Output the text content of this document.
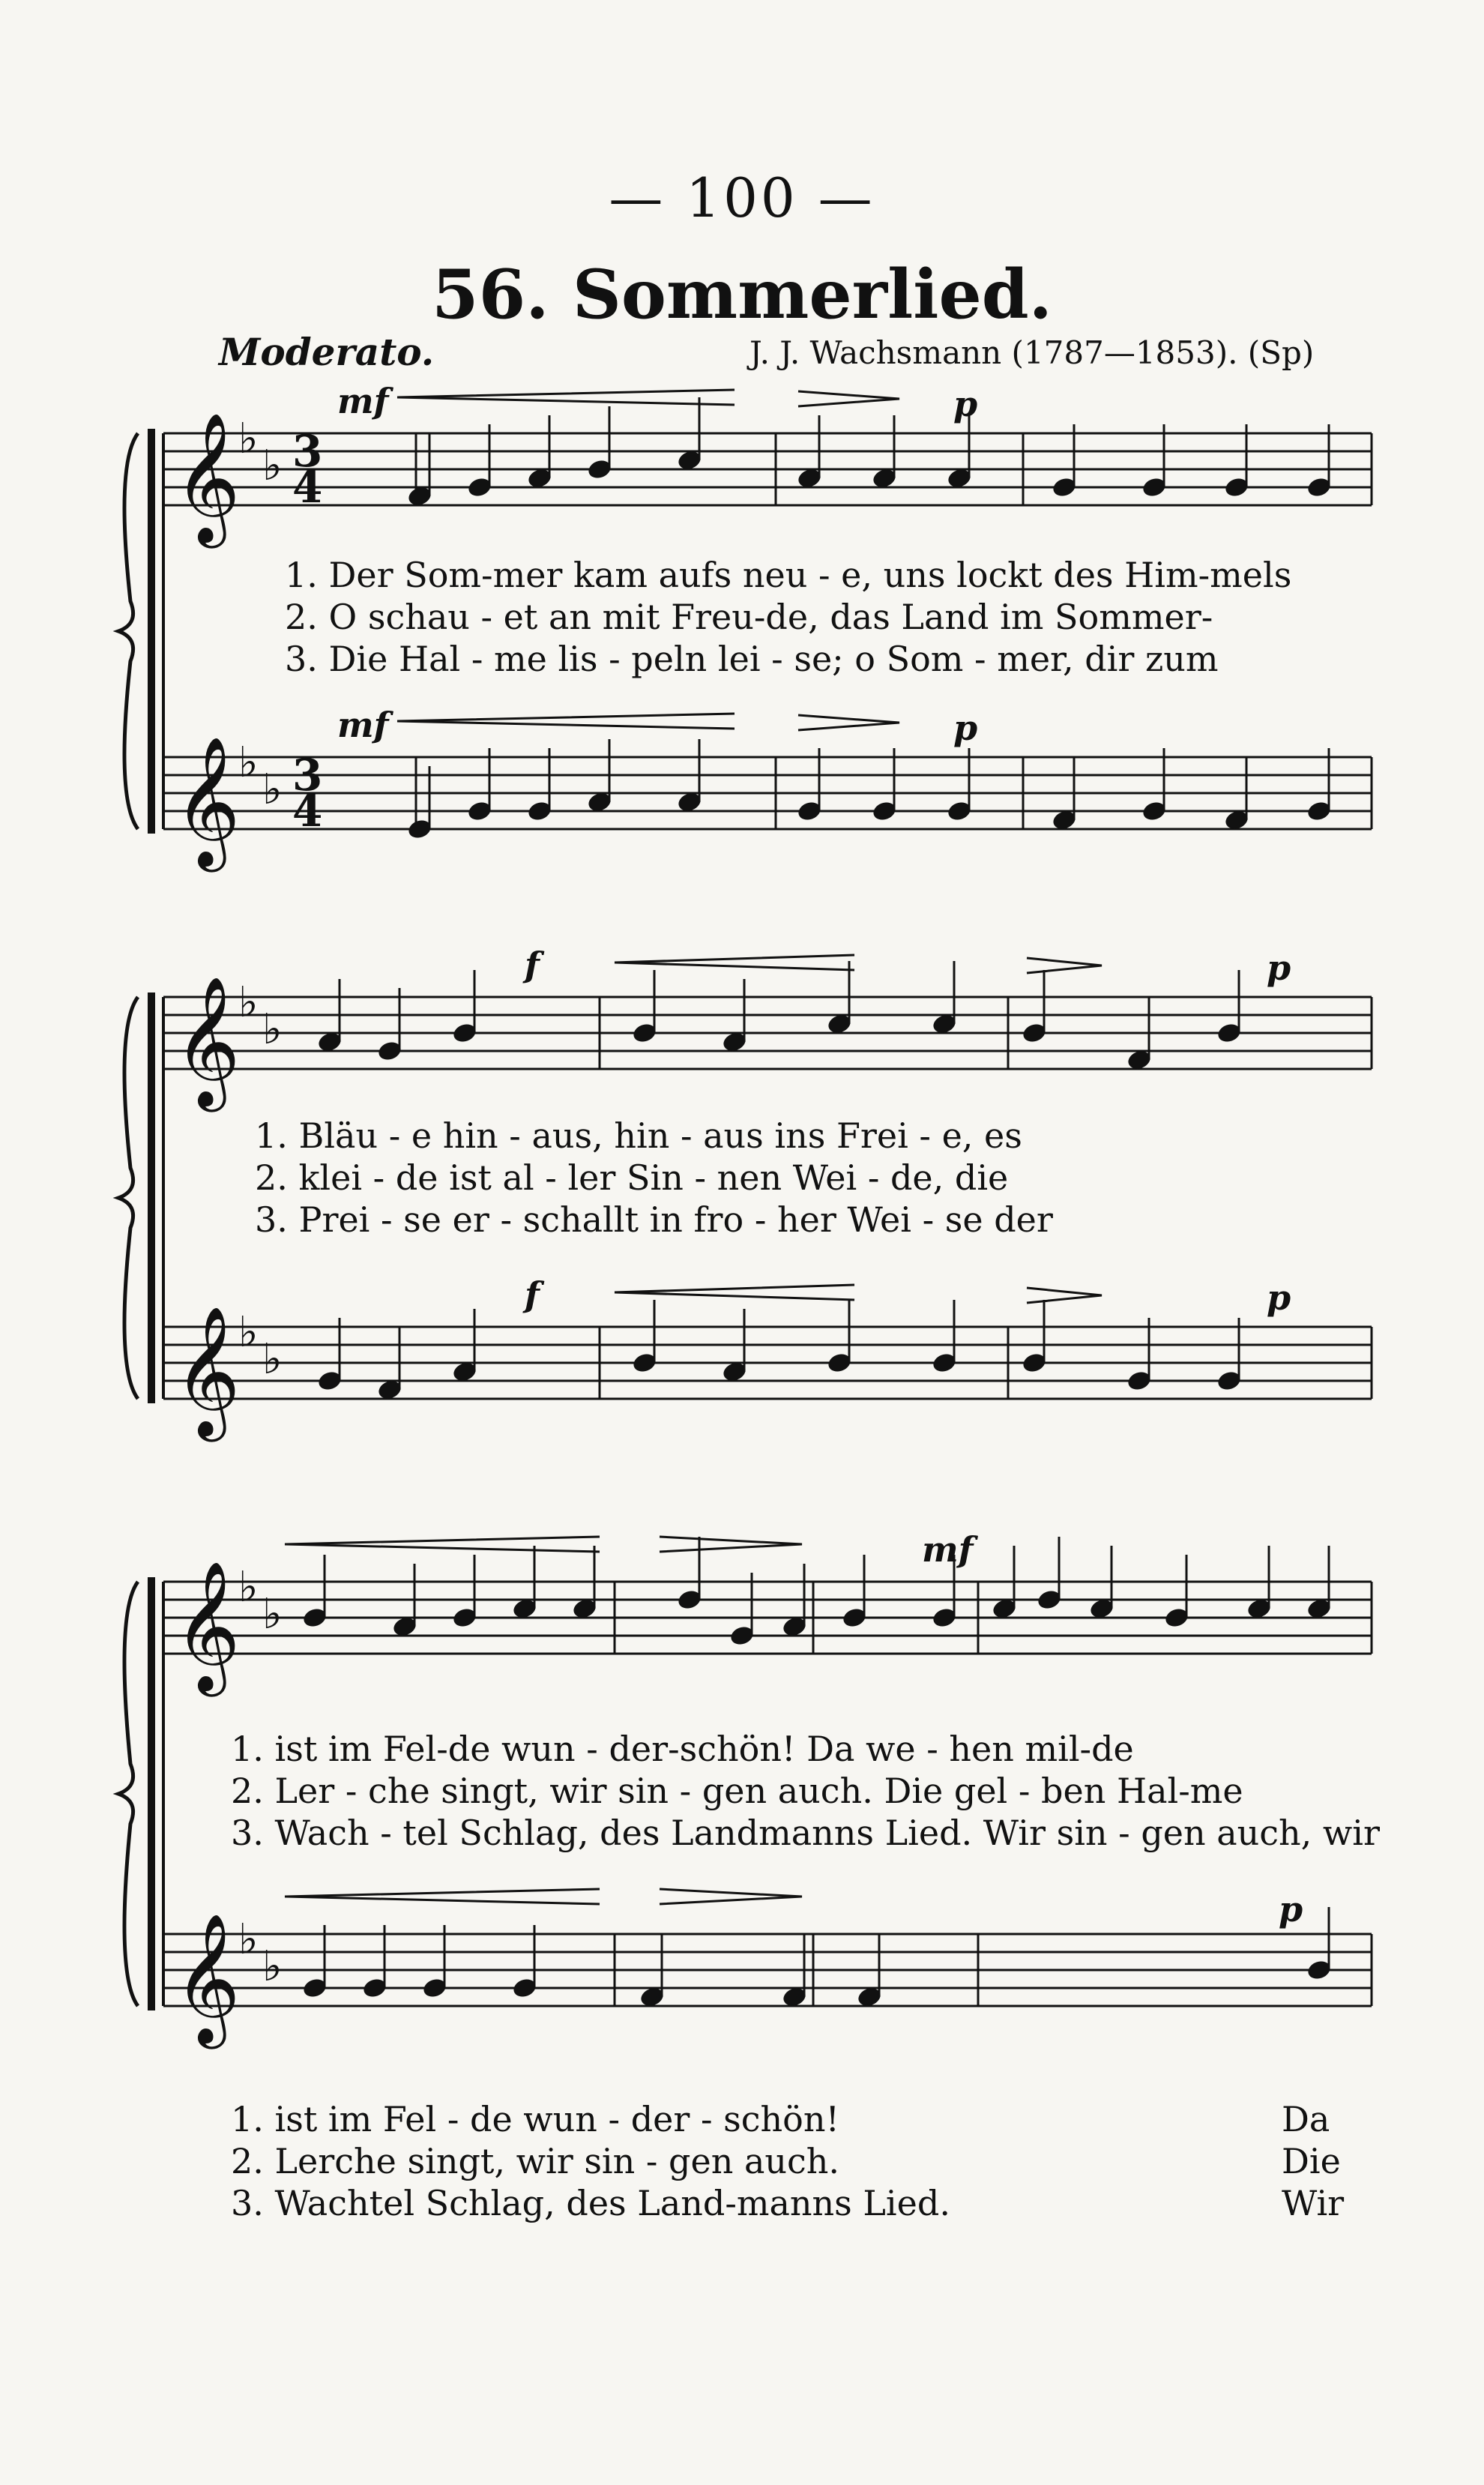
— 100 —
56. Sommerlied.
Moderato.	J. J. Wachsmann (1787—1853). (Sp)
𝄞
♭
♭
𝄞
♭
♭
𝄞
♭
♭
𝄞
♭
♭
𝄞
♭
♭
𝄞
♭
♭
3
4
3
4
mf	p
mf	p
1. Der Som-mer kam aufs neu - e, uns lockt des Him-mels
2. O schau - et an mit Freu-de, das Land im Sommer-
3. Die Hal - me lis - peln lei - se; o Som - mer, dir zum
f	p
f	p
1. Bläu - e hin - aus, hin - aus ins Frei - e, es
2. klei - de ist al - ler Sin - nen Wei - de, die
3. Prei - se er - schallt in fro - her Wei - se der
mf
p
1. ist im Fel-de wun - der-schön! Da we - hen mil-de
2. Ler - che singt, wir sin - gen auch. Die gel - ben Hal-me
3. Wach - tel Schlag, des Landmanns Lied. Wir sin - gen auch, wir
1. ist im Fel - de wun - der - schön!
2. Lerche singt, wir sin - gen auch.
3. Wachtel Schlag, des Land-manns Lied.
Da
Die
Wir
